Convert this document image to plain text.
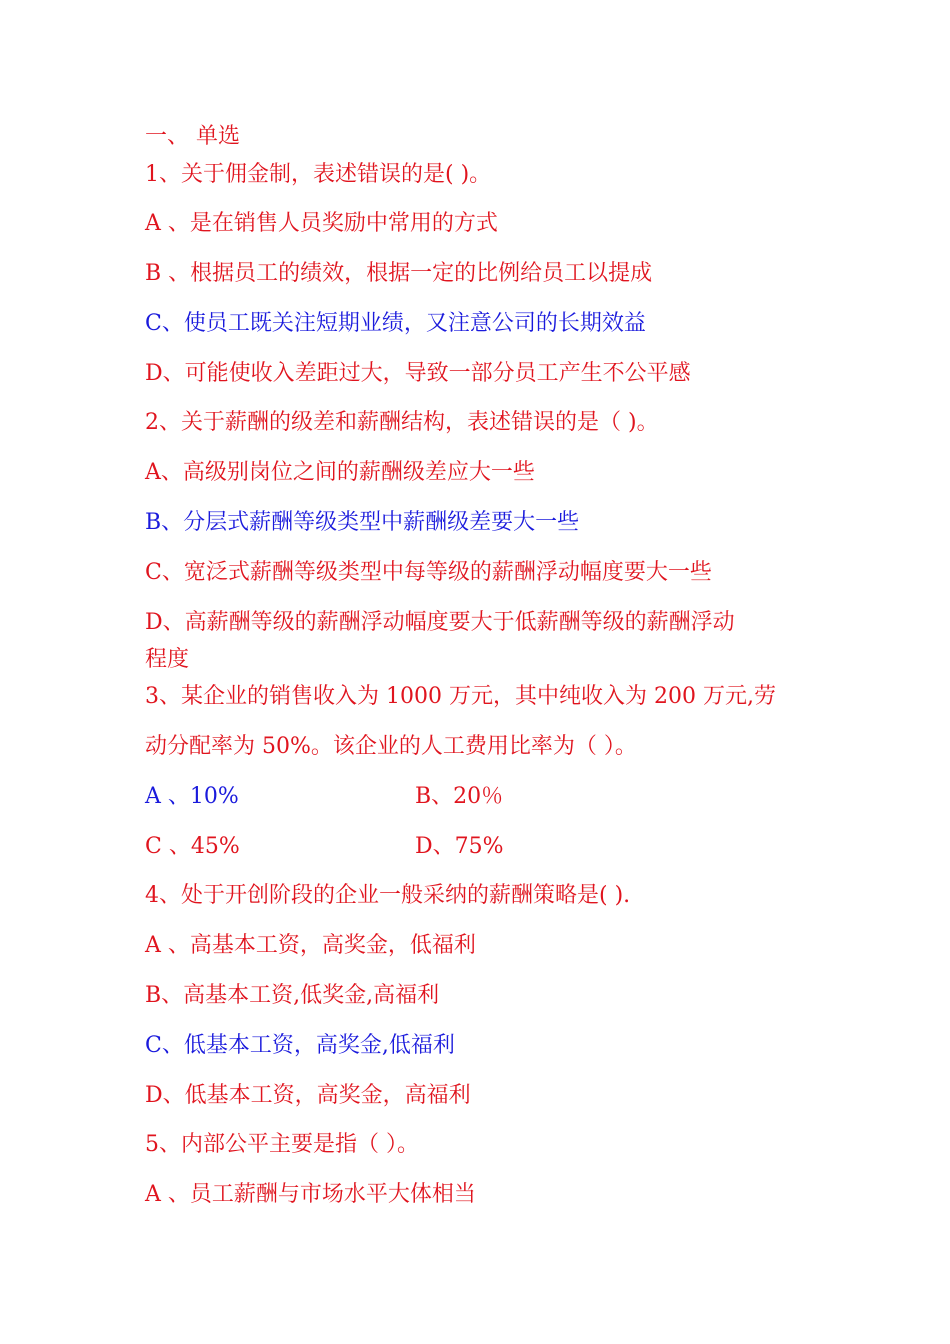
一、 单选
1、关于佣金制，表述错误的是( )。
A 、是在销售人员奖励中常用的方式
B 、根据员工的绩效，根据一定的比例给员工以提成
C、使员工既关注短期业绩，又注意公司的长期效益
D、可能使收入差距过大，导致一部分员工产生不公平感
2、关于薪酬的级差和薪酬结构，表述错误的是（ )。
A、高级别岗位之间的薪酬级差应大一些
B、分层式薪酬等级类型中薪酬级差要大一些
C、宽泛式薪酬等级类型中每等级的薪酬浮动幅度要大一些
D、高薪酬等级的薪酬浮动幅度要大于低薪酬等级的薪酬浮动
程度
3、某企业的销售收入为 1000 万元，其中纯收入为 200 万元,劳
动分配率为 50%。该企业的人工费用比率为（ ）。
A 、10%	B、20％
C 、45%	D、75%
4、处于开创阶段的企业一般采纳的薪酬策略是( ).
A 、高基本工资，高奖金，低福利
B、高基本工资,低奖金,高福利
C、低基本工资，高奖金,低福利
D、低基本工资，高奖金，高福利
5、内部公平主要是指（ ）。
A 、员工薪酬与市场水平大体相当
